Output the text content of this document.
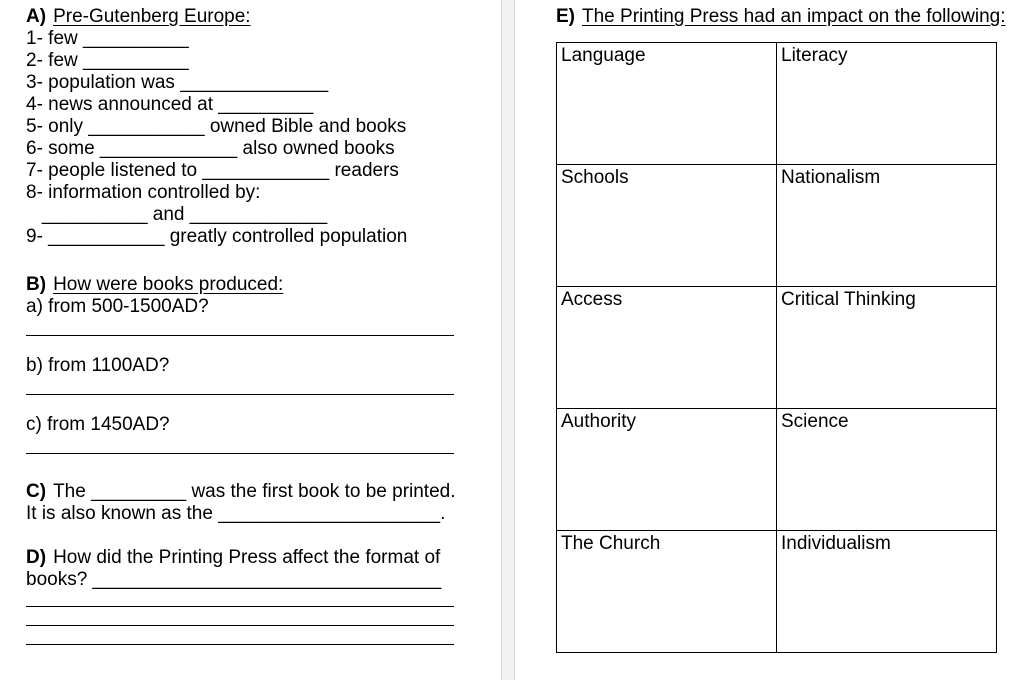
A) Pre-Gutenberg Europe:
1- few __________
2- few __________
3- population was ______________
4- news announced at _________
5- only ___________ owned Bible and books
6- some _____________ also owned books
7- people listened to ____________ readers
8- information controlled by:
__________ and _____________
9- ___________ greatly controlled population
B) How were books produced:
a) from 500-1500AD?
b) from 1100AD?
c) from 1450AD?
C) The _________ was the first book to be printed.
It is also known as the _____________________.
D) How did the Printing Press affect the format of
books? _________________________________
E) The Printing Press had an impact on the following:
Language	Literacy
Schools	Nationalism
Access	Critical Thinking
Authority	Science
The Church	Individualism
